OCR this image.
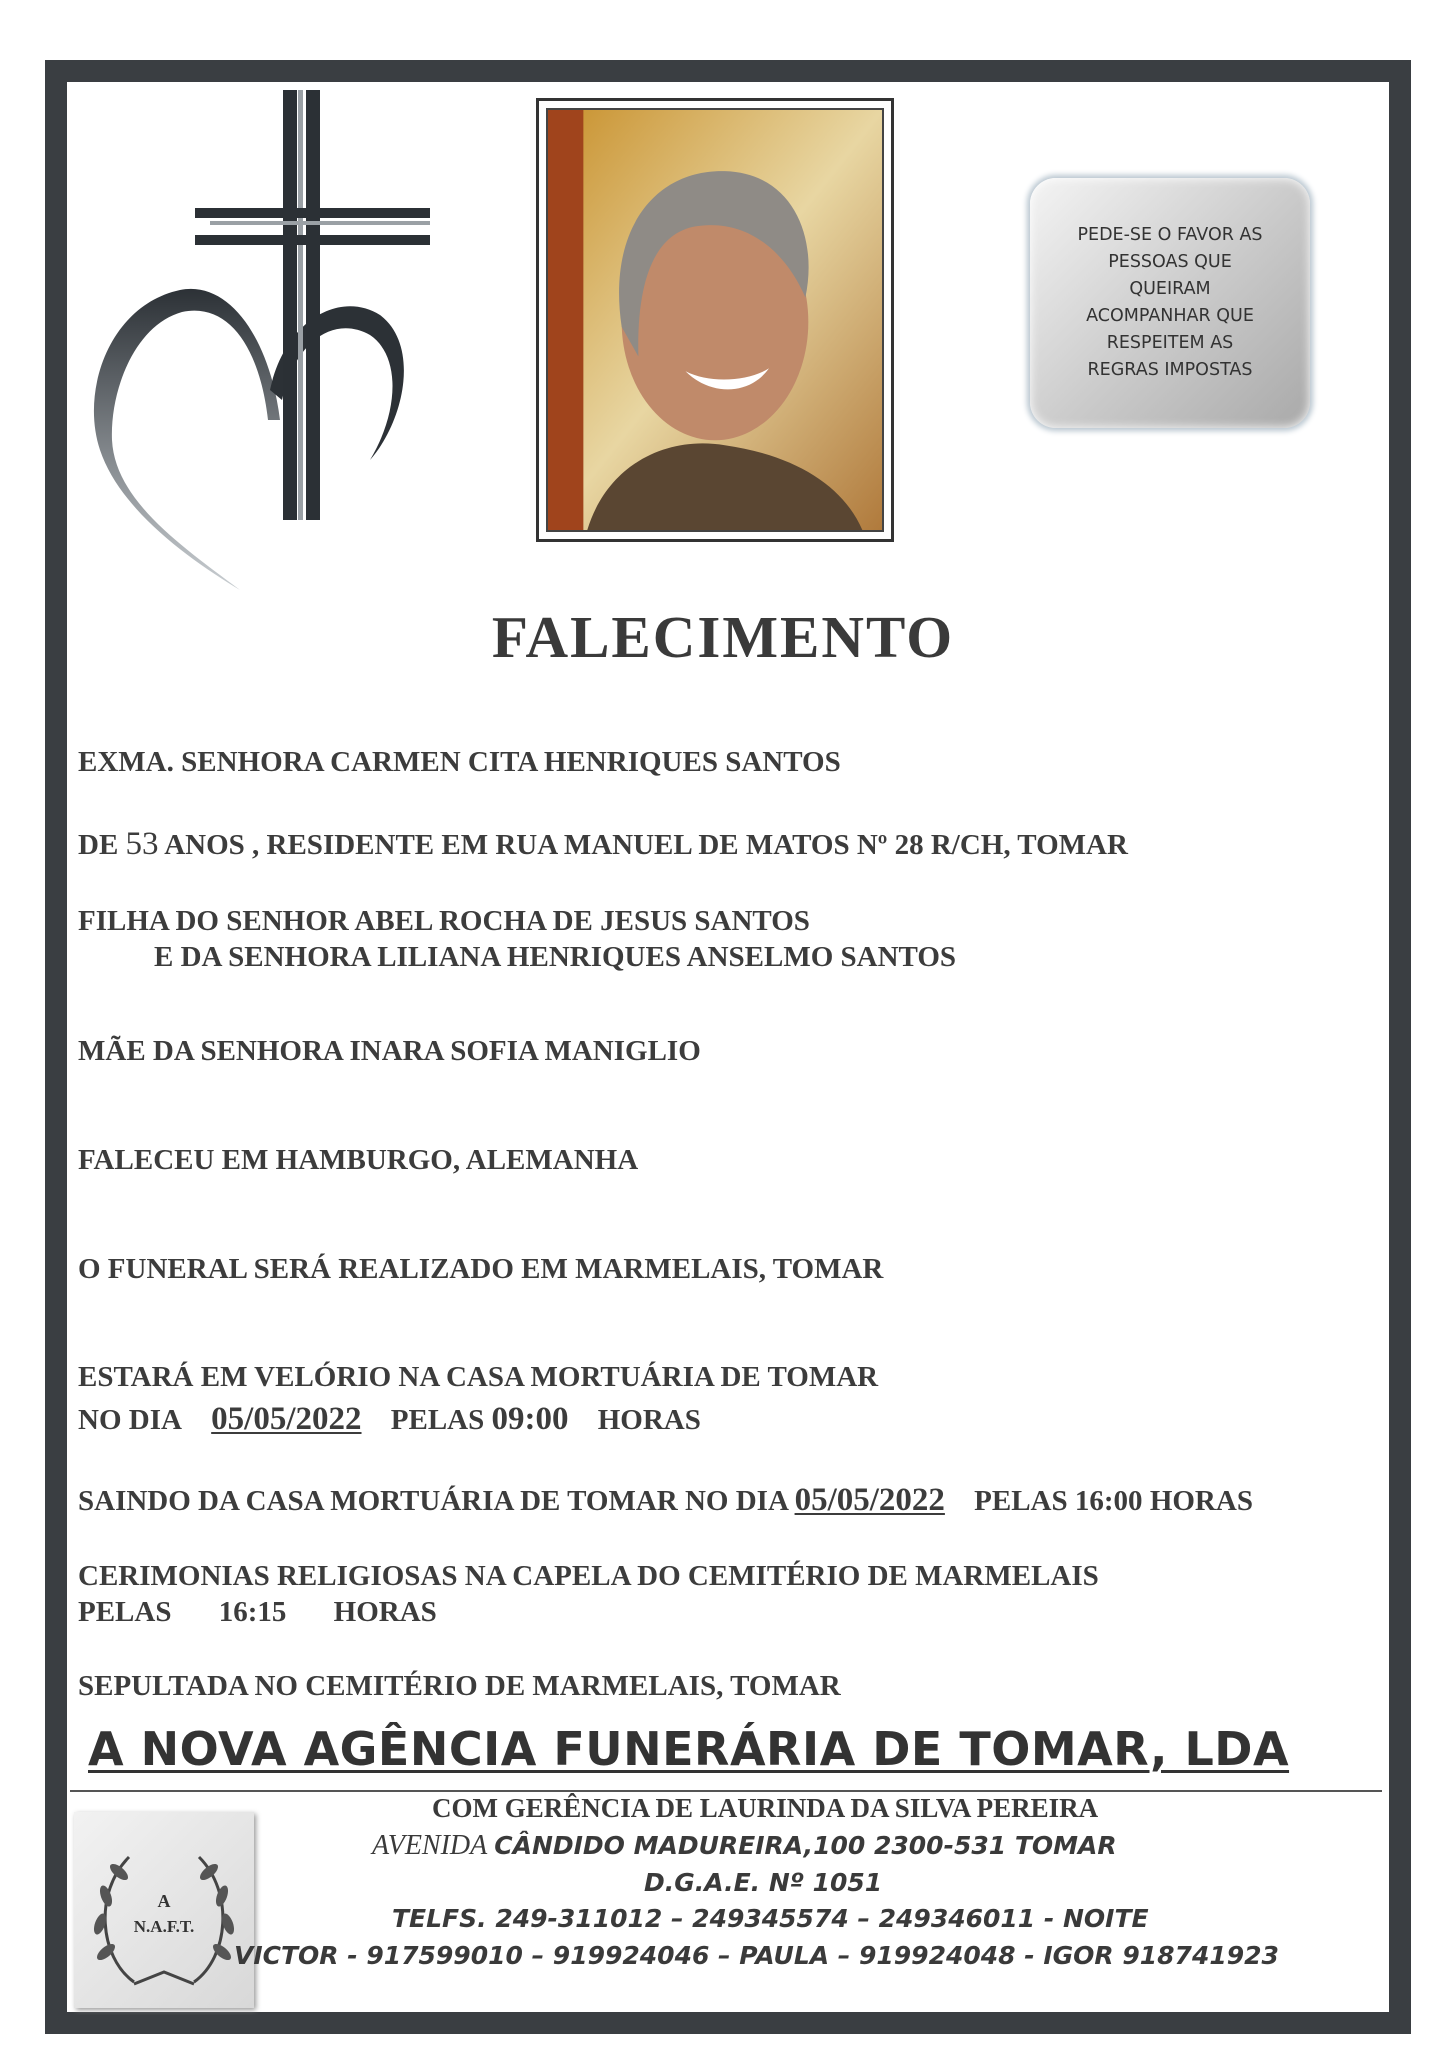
PEDE-SE O FAVOR AS
PESSOAS QUE
QUEIRAM
ACOMPANHAR QUE
RESPEITEM AS
REGRAS IMPOSTAS
FALECIMENTO
EXMA. SENHORA CARMEN CITA HENRIQUES SANTOS
DE 53 ANOS , RESIDENTE EM RUA MANUEL DE MATOS Nº 28 R/CH, TOMAR
FILHA DO SENHOR ABEL ROCHA DE JESUS SANTOS
E DA SENHORA LILIANA HENRIQUES ANSELMO SANTOS
MÃE DA SENHORA INARA SOFIA MANIGLIO
FALECEU EM HAMBURGO, ALEMANHA
O FUNERAL SERÁ REALIZADO EM MARMELAIS, TOMAR
ESTARÁ EM VELÓRIO NA CASA MORTUÁRIA DE TOMAR
NO DIA 05/05/2022 PELAS 09:00 HORAS
SAINDO DA CASA MORTUÁRIA DE TOMAR NO DIA 05/05/2022 PELAS 16:00 HORAS
CERIMONIAS RELIGIOSAS NA CAPELA DO CEMITÉRIO DE MARMELAIS
PELAS 16:15 HORAS
SEPULTADA NO CEMITÉRIO DE MARMELAIS, TOMAR
A NOVA AGÊNCIA FUNERÁRIA DE TOMAR, LDA
A
N.A.F.T.
COM GERÊNCIA DE LAURINDA DA SILVA PEREIRA
AVENIDA CÂNDIDO MADUREIRA,100 2300-531 TOMAR
D.G.A.E. Nº 1051
TELFS. 249-311012 – 249345574 – 249346011 - NOITE
VICTOR - 917599010 – 919924046 – PAULA – 919924048 - IGOR 918741923
